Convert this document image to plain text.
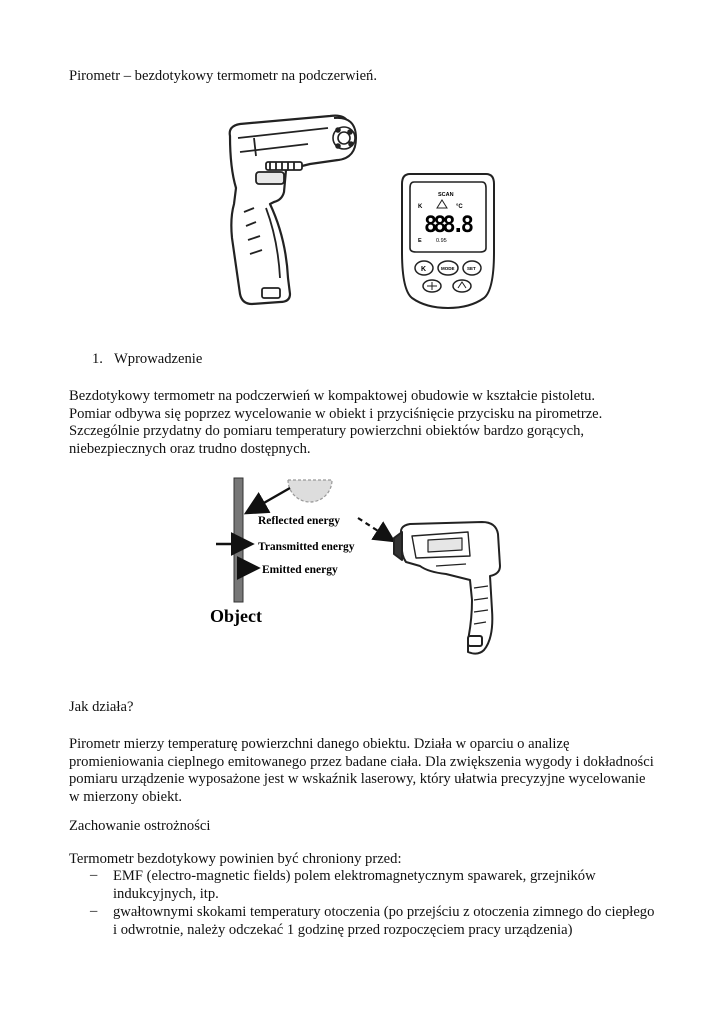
Pirometr – bezdotykowy termometr na podczerwień.
SCAN
K	°C
888.8
E	0.95
K	MODE	SET
1. Wprowadzenie
Bezdotykowy termometr na podczerwień w kompaktowej obudowie w kształcie pistoletu.
Pomiar odbywa się poprzez wycelowanie w obiekt i przyciśnięcie przycisku na pirometrze.
Szczególnie przydatny do pomiaru temperatury powierzchni obiektów bardzo gorących,
niebezpiecznych oraz trudno dostępnych.
Reflected energy
Transmitted energy
Emitted energy
Object
Jak działa?
Pirometr mierzy temperaturę powierzchni danego obiektu. Działa w oparciu o analizę
promieniowania cieplnego emitowanego przez badane ciała. Dla zwiększenia wygody i dokładności
pomiaru urządzenie wyposażone jest w wskaźnik laserowy, który ułatwia precyzyjne wycelowanie
w mierzony obiekt.
Zachowanie ostrożności
Termometr bezdotykowy powinien być chroniony przed:
– EMF (electro-magnetic fields) polem elektromagnetycznym spawarek, grzejników
indukcyjnych, itp.
– gwałtownymi skokami temperatury otoczenia (po przejściu z otoczenia zimnego do ciepłego
i odwrotnie, należy odczekać 1 godzinę przed rozpoczęciem pracy urządzenia)
